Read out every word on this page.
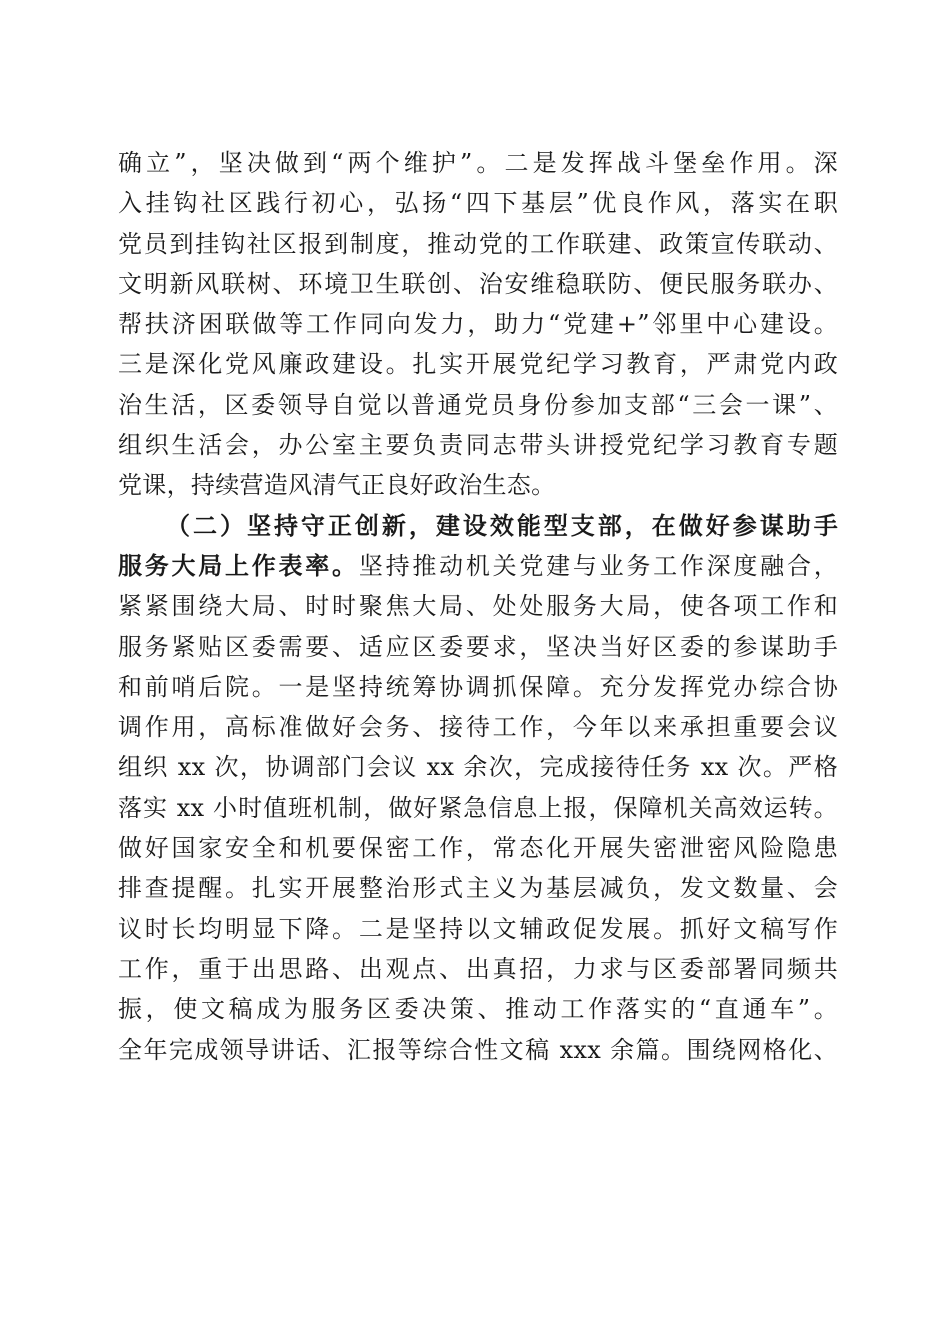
确立”，坚决做到“两个维护”。二是发挥战斗堡垒作用。深
入挂钩社区践行初心，弘扬“四下基层”优良作风，落实在职
党员到挂钩社区报到制度，推动党的工作联建、政策宣传联动、
文明新风联树、环境卫生联创、治安维稳联防、便民服务联办、
帮扶济困联做等工作同向发力，助力“党建+”邻里中心建设。
三是深化党风廉政建设。扎实开展党纪学习教育，严肃党内政
治生活，区委领导自觉以普通党员身份参加支部“三会一课”、
组织生活会，办公室主要负责同志带头讲授党纪学习教育专题
党课，持续营造风清气正良好政治生态。
（二）坚持守正创新，建设效能型支部，在做好参谋助手
服务大局上作表率。坚持推动机关党建与业务工作深度融合，
紧紧围绕大局、时时聚焦大局、处处服务大局，使各项工作和
服务紧贴区委需要、适应区委要求，坚决当好区委的参谋助手
和前哨后院。一是坚持统筹协调抓保障。充分发挥党办综合协
调作用，高标准做好会务、接待工作，今年以来承担重要会议
组织 xx 次，协调部门会议 xx 余次，完成接待任务 xx 次。严格
落实 xx 小时值班机制，做好紧急信息上报，保障机关高效运转。
做好国家安全和机要保密工作，常态化开展失密泄密风险隐患
排查提醒。扎实开展整治形式主义为基层减负，发文数量、会
议时长均明显下降。二是坚持以文辅政促发展。抓好文稿写作
工作，重于出思路、出观点、出真招，力求与区委部署同频共
振，使文稿成为服务区委决策、推动工作落实的“直通车”。
全年完成领导讲话、汇报等综合性文稿 xxx 余篇。围绕网格化、
